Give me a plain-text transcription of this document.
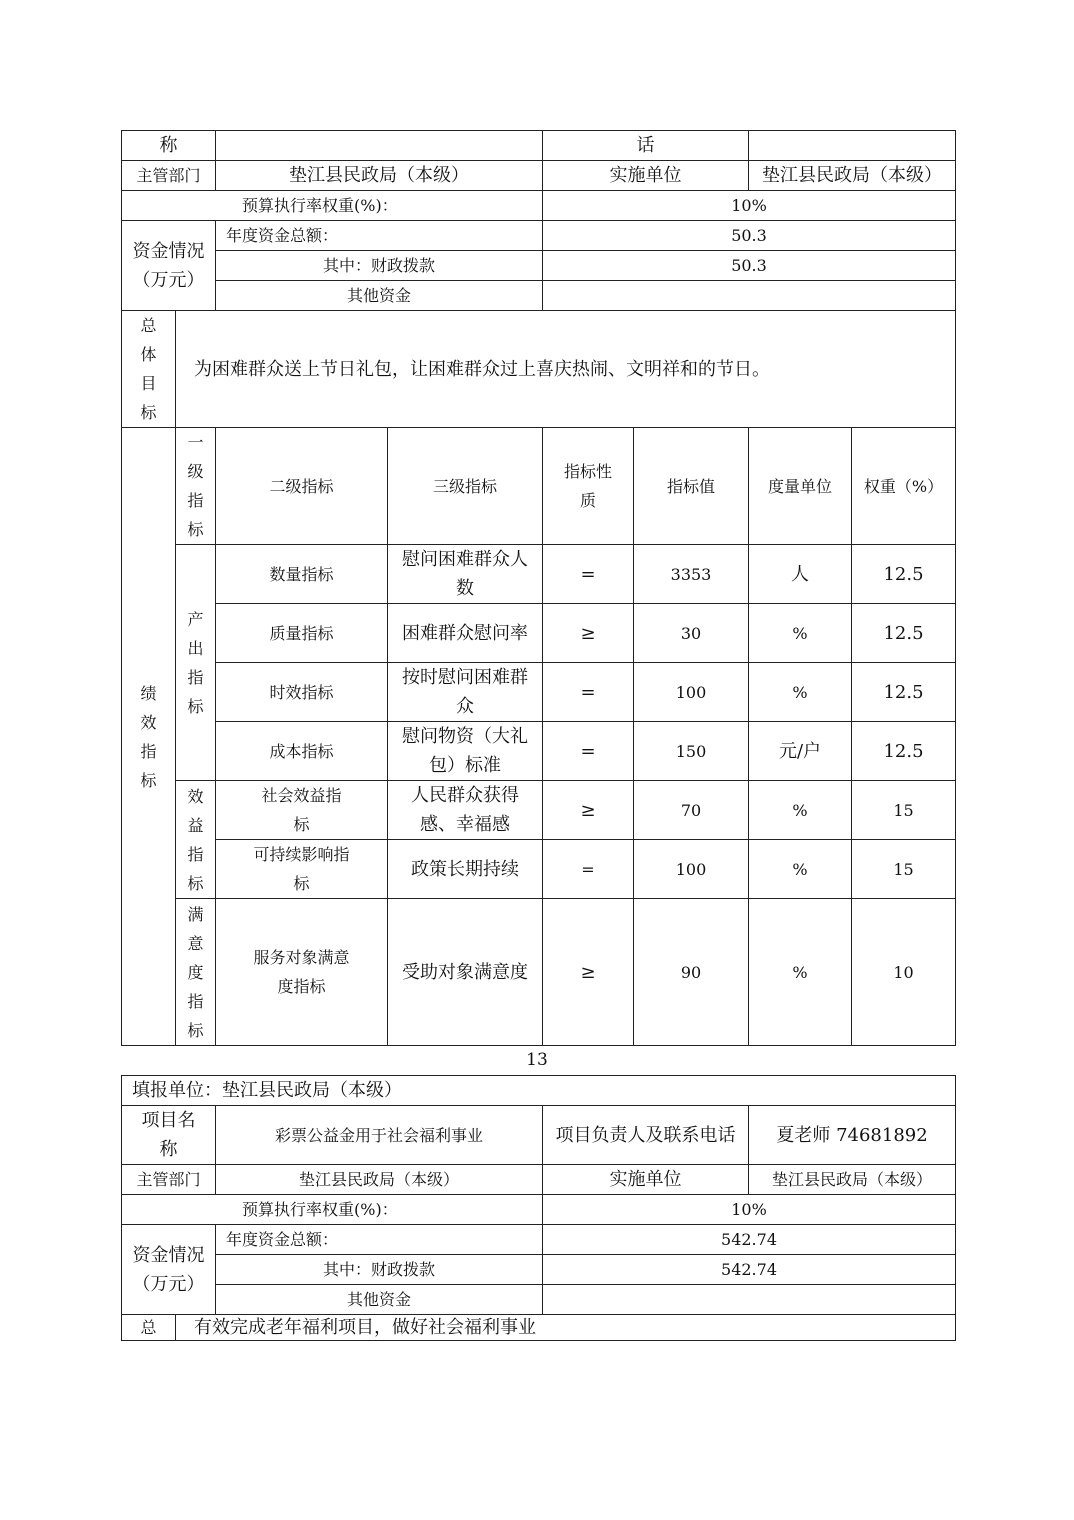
称				话			
主管部门		垫江县民政局（本级）		实施单位		垫江县民政局（本级）	
预算执行率权重(%)：				10%			
资金情况（万元）		年度资金总额：		50.3			
		其中：财政拨款		50.3			
		其他资金					
总体目标	为困难群众送上节日礼包，让困难群众过上喜庆热闹、文明祥和的节日。						
绩效指标	一级指标	二级指标	三级指标	指标性质	指标值	度量单位	权重（%）
	产出指标	数量指标	慰问困难群众人数	=	3353	人	12.5
		质量指标	困难群众慰问率	≥	30	%	12.5
		时效指标	按时慰问困难群众	=	100	%	12.5
		成本指标	慰问物资（大礼包）标准	=	150	元/户	12.5
	效益指标	社会效益指标	人民群众获得感、幸福感	≥	70	%	15
		可持续影响指标	政策长期持续	=	100	%	15
	满意度指标	服务对象满意度指标	受助对象满意度	≥	90	%	10
13
填报单位：垫江县民政局（本级）				
项目名称		彩票公益金用于社会福利事业	项目负责人及联系电话	夏老师 74681892
主管部门		垫江县民政局（本级）	实施单位	垫江县民政局（本级）
预算执行率权重(%)：			10%	
资金情况（万元）		年度资金总额：	542.74	
		其中：财政拨款	542.74	
		其他资金		
总	有效完成老年福利项目，做好社会福利事业			
